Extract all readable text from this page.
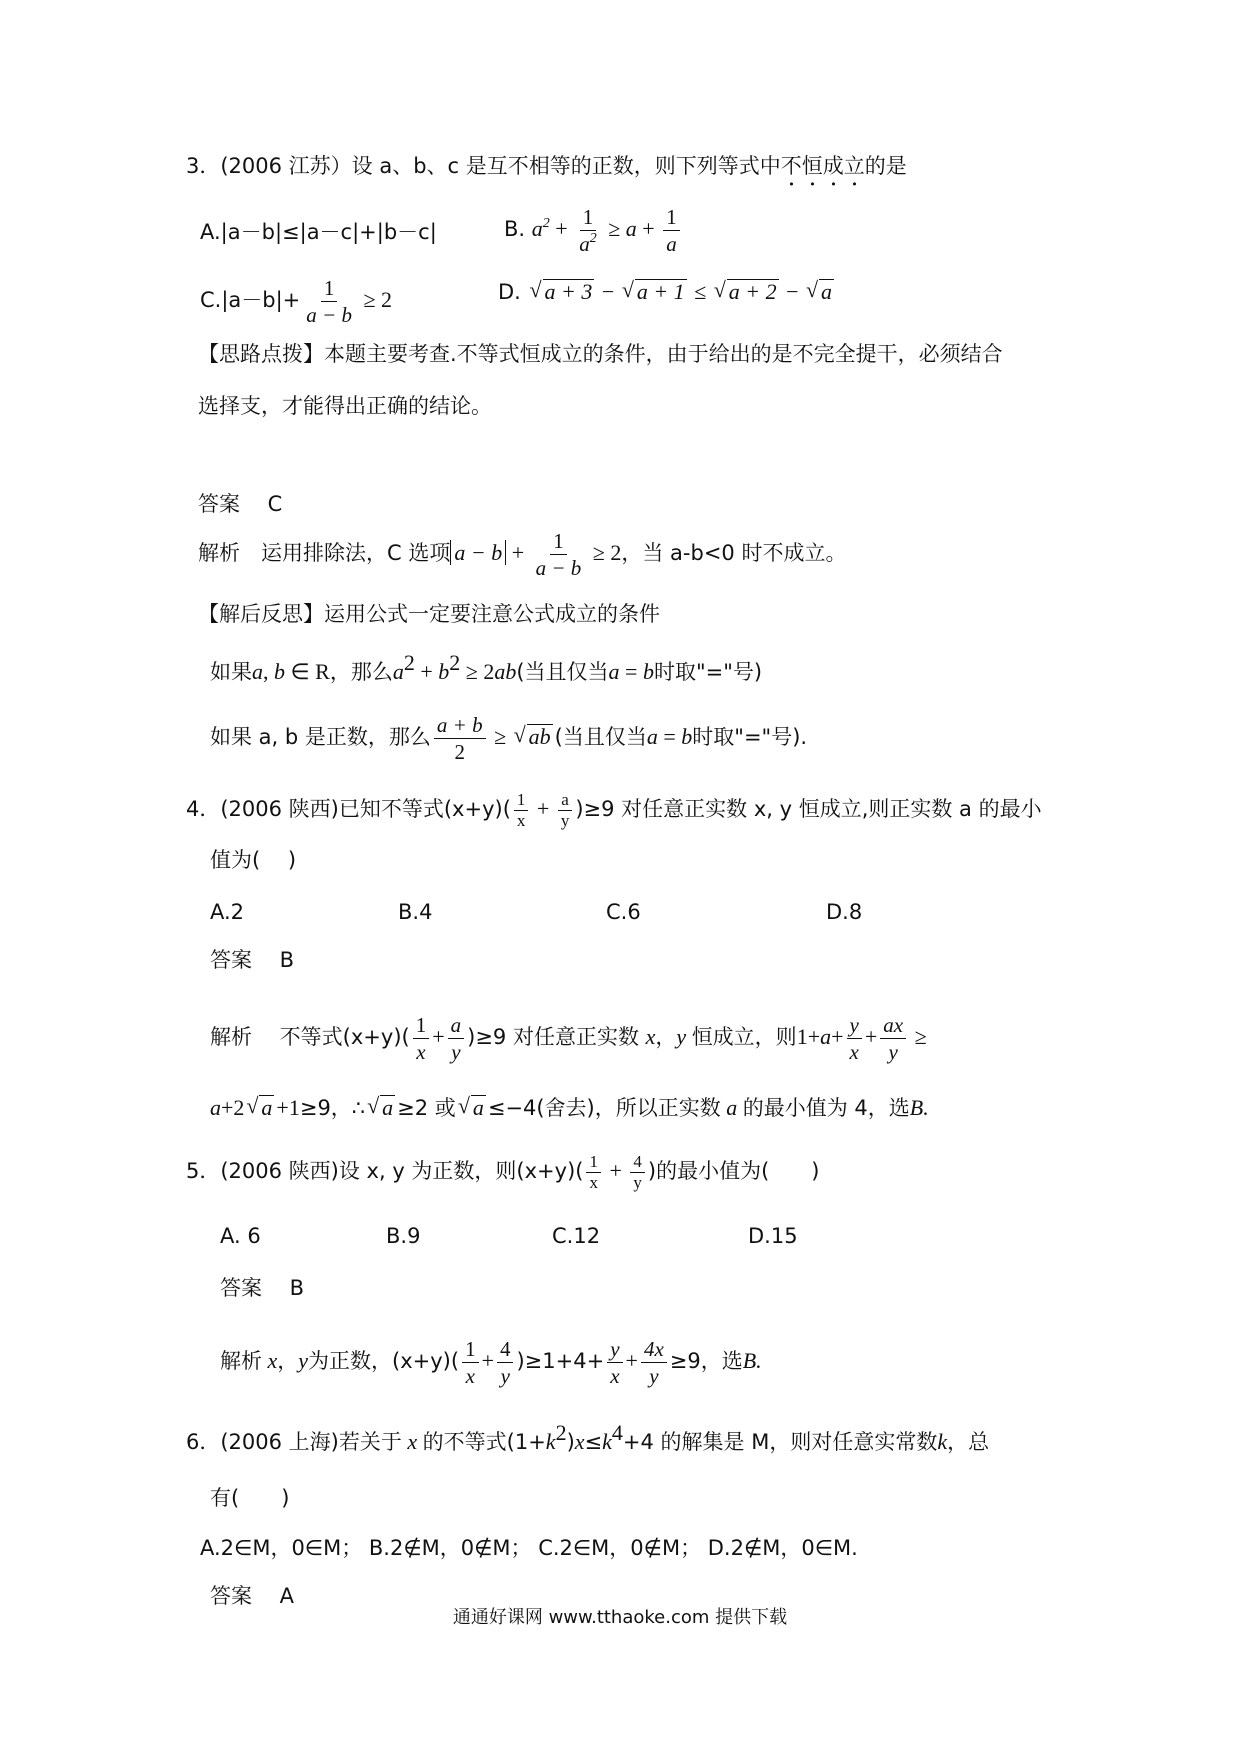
3．(2006 江苏）设 a、b、c 是互不相等的正数，则下列等式中不恒成立的是
A.|a－b|≤|a－c|+|b－c|	B. $a^2 + \frac{1}{a^2} \ge a + \frac{1}{a}$
$C.|a-b|+ \frac{1}{a - b} \ge 2$	D. √ a + 3 − √ a + 1 ≤ √ a + 2 − √ a
【思路点拨】本题主要考查.不等式恒成立的条件，由于给出的是不完全提干，必须结合
选择支，才能得出正确的结论。
答案　 C
解析　运用排除法，C 选项 $a - b + \frac{1}{a - b} \ge 2$，当 a-b<0 时不成立。
【解后反思】运用公式一定要注意公式成立的条件
如果a, b ∈ R，那么$a^2 + b^2 \ge 2ab$(当且仅当a = b时取"="号)
如果 a, b 是正数，那么 $\frac{a + b}{2}$ ≥ √ ab (当且仅当a = b时取"="号).
4．(2006 陕西)已知不等式$(x+y)( \frac{1}{x} + \frac{a}{y} )\ge 9$ 对任意正实数 x, y 恒成立,则正实数 a 的最小
值为(　 )
A.2	B.4	C.6	D.8
答案　 B
解析　 不等式$(x+y)( \frac{1}{x} + \frac{a}{y} )\ge 9$ 对任意正实数 x，y 恒成立，则$1+a+ \frac{y}{x} + \frac{ax}{y}$ ≥
a+2 √ a +1≥9，∴ √ a ≥2 或 √ a ≤−4(舍去)，所以正实数 a 的最小值为 4，选B.
5．(2006 陕西)设 x, y 为正数，则$(x+y)( \frac{1}{x} + \frac{4}{y}$ )的最小值为(　　)
A. 6	B.9	C.12	D.15
答案　 B
解析 x，y为正数，$(x+y)( \frac{1}{x} + \frac{4}{y} )\ge 1+4+ \frac{y}{x} + \frac{4x}{y} \ge 9$，选B.
6．(2006 上海)若关于 x 的不等式$(1+k^2)x\le k^4+4$ 的解集是 M，则对任意实常数k，总
有(　　)
A.2∈M，0∈M； B.2∉M，0∉M； C.2∈M，0∉M； D.2∉M，0∈M.
答案　 A
通通好课网 www.tthaoke.com 提供下载
